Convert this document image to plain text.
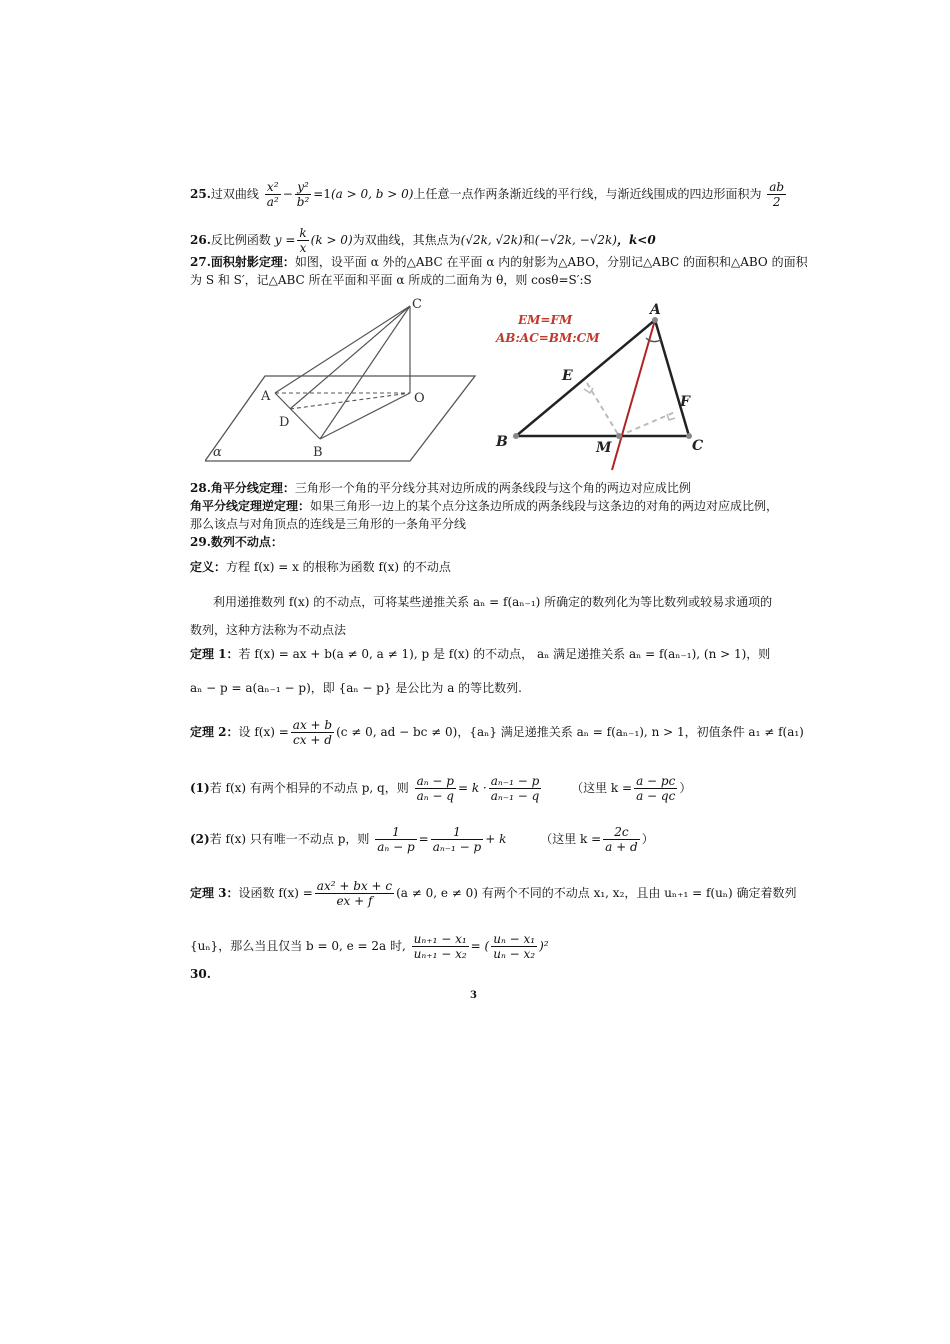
25.过双曲线 $\frac{\text{x²}}{\text{a²}} - \frac{\text{y²}}{\text{b²}} =1(a > 0$, b > 0)上任意一点作两条渐近线的平行线，与渐近线围成的四边形面积为 $\frac{ab}{2}$
26.反比例函数 $y = \frac{k}{x} (k > 0)$为双曲线，其焦点为(√2k, √2k)和(−√2k, −√2k)，k<0
27.面积射影定理：如图，设平面 α 外的△ABC 在平面 α 内的射影为△ABO，分别记△ABC 的面积和△ABO 的面积
为 S 和 S′，记△ABC 所在平面和平面 α 所成的二面角为 θ，则 cosθ=S′:S
C
A	O
D
B
α
EM=FM
AB:AC=BM:CM
A
E
F
B	M	C
28.角平分线定理：三角形一个角的平分线分其对边所成的两条线段与这个角的两边对应成比例
角平分线定理逆定理：如果三角形一边上的某个点分这条边所成的两条线段与这条边的对角的两边对应成比例，
那么该点与对角顶点的连线是三角形的一条角平分线
29.数列不动点：
定义：方程 f(x) = x 的根称为函数 f(x) 的不动点
利用递推数列 f(x) 的不动点，可将某些递推关系 aₙ = f(aₙ₋₁) 所确定的数列化为等比数列或较易求通项的
数列，这种方法称为不动点法
定理 1：若 f(x) = ax + b(a ≠ 0, a ≠ 1), p 是 f(x) 的不动点， aₙ 满足递推关系 aₙ = f(aₙ₋₁), (n > 1)，则
aₙ − p = a(aₙ₋₁ − p)，即 {aₙ − p} 是公比为 a 的等比数列.
定理 2：设 $f(x) = \frac{ax + b}{cx + d} (c \ne 0$, ad − bc ≠ 0)，{aₙ} 满足递推关系 aₙ = f(aₙ₋₁), n > 1，初值条件 a₁ ≠ f(a₁)
(1)若 f(x) 有两个相异的不动点 p, q，则 $\frac{\text{aₙ − p}}{\text{aₙ − q}} = k \cdot \frac{\text{aₙ₋₁ − p}}{\text{aₙ₋₁ − q}}$ （这里 $k = \frac{a - pc}{a - qc}$ ）
(2)若 f(x) 只有唯一不动点 p，则 $\frac{1}{\text{aₙ − p}} = \frac{1}{\text{aₙ₋₁ − p}} + k$	（这里 $k = \frac{2c}{a + d}$ ）
定理 3：设函数 $f(x) = \frac{\text{ax² + bx + c}}{ex + f} (a \ne 0$, e ≠ 0) 有两个不同的不动点 x₁, x₂，且由 uₙ₊₁ = f(uₙ) 确定着数列
{uₙ}，那么当且仅当 b = 0, e = 2a 时, $\frac{\text{uₙ₊₁ − x₁}}{\text{uₙ₊₁ − x₂}}$ = ( $\frac{\text{uₙ − x₁}}{\text{uₙ − x₂}} )^2$
30.
3
